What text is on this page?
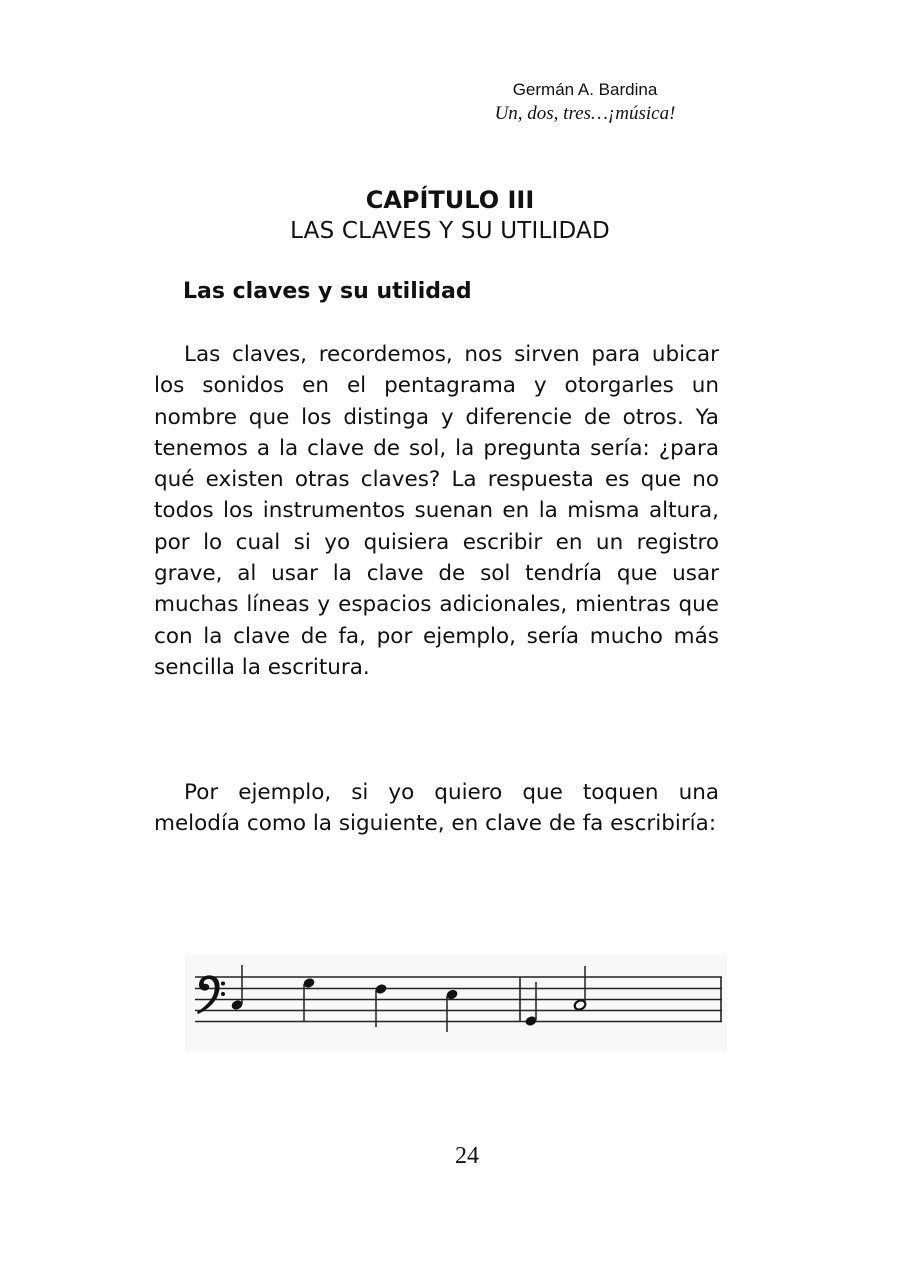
Germán A. Bardina
Un, dos, tres…¡música!
CAPÍTULO III
LAS CLAVES Y SU UTILIDAD
Las claves y su utilidad

Las claves, recordemos, nos sirven para ubicar los sonidos en el pentagrama y otorgarles un nombre que los distinga y diferencie de otros. Ya tenemos a la clave de sol, la pregunta sería: ¿para qué existen otras claves? La respuesta es que no todos los instrumentos suenan en la misma altura, por lo cual si yo quisiera escribir en un registro grave, al usar la clave de sol tendría que usar muchas líneas y espacios adicionales, mientras que con la clave de fa, por ejemplo, sería mucho más sencilla la escritura.

Por ejemplo, si yo quiero que toquen una melodía como la siguiente, en clave de fa escribiría:

24
